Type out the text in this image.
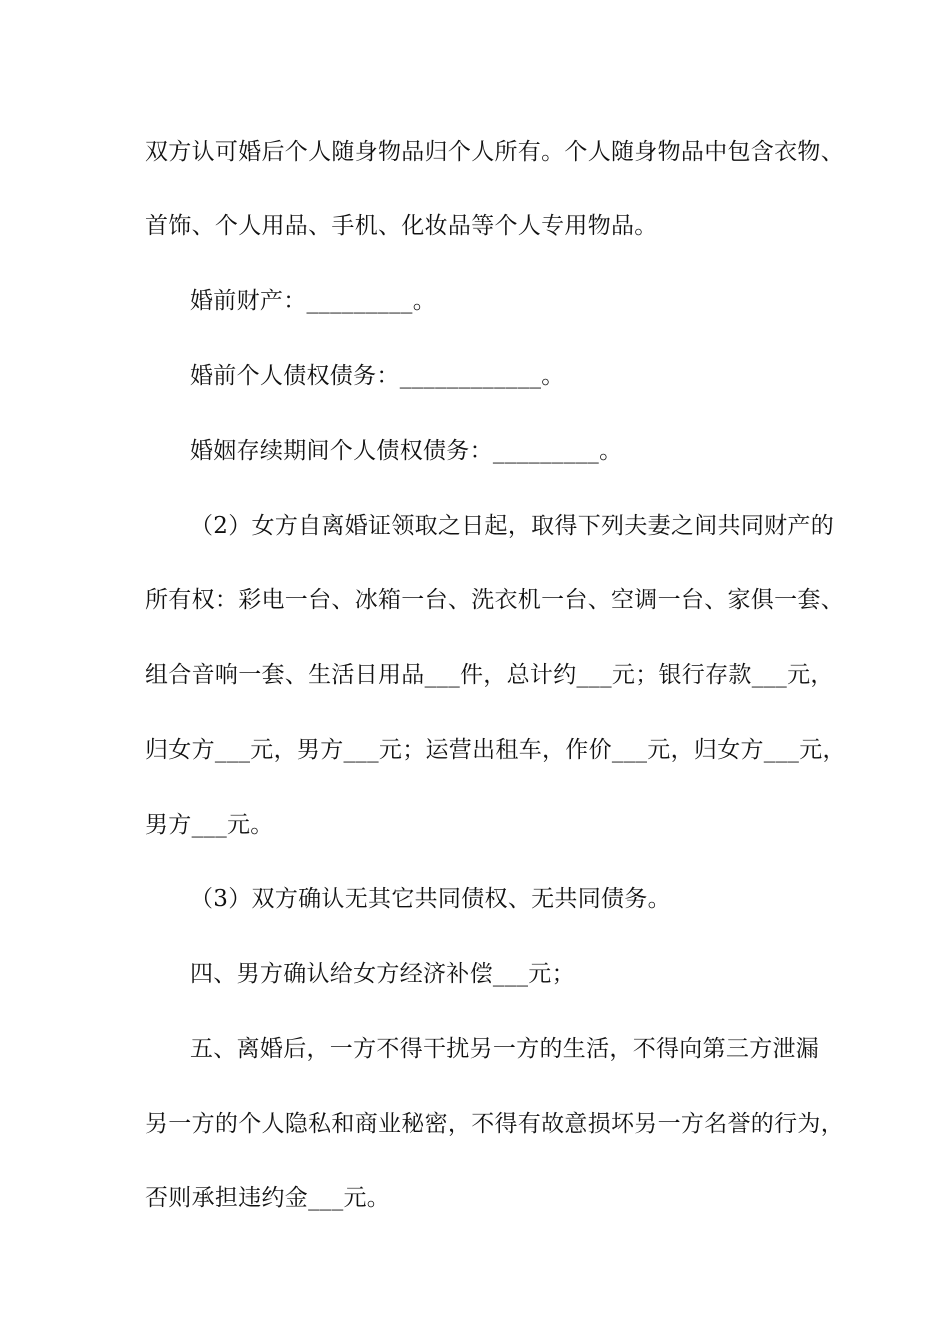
双方认可婚后个人随身物品归个人所有。个人随身物品中包含衣物、
首饰、个人用品、手机、化妆品等个人专用物品。
婚前财产：_________。
婚前个人债权债务：____________。
婚姻存续期间个人债权债务：_________。
（2）女方自离婚证领取之日起，取得下列夫妻之间共同财产的
所有权：彩电一台、冰箱一台、洗衣机一台、空调一台、家俱一套、
组合音响一套、生活日用品___件，总计约___元；银行存款___元，
归女方___元，男方___元；运营出租车，作价___元，归女方___元，
男方___元。
（3）双方确认无其它共同债权、无共同债务。
四、男方确认给女方经济补偿___元；
五、离婚后，一方不得干扰另一方的生活，不得向第三方泄漏
另一方的个人隐私和商业秘密，不得有故意损坏另一方名誉的行为，
否则承担违约金___元。
